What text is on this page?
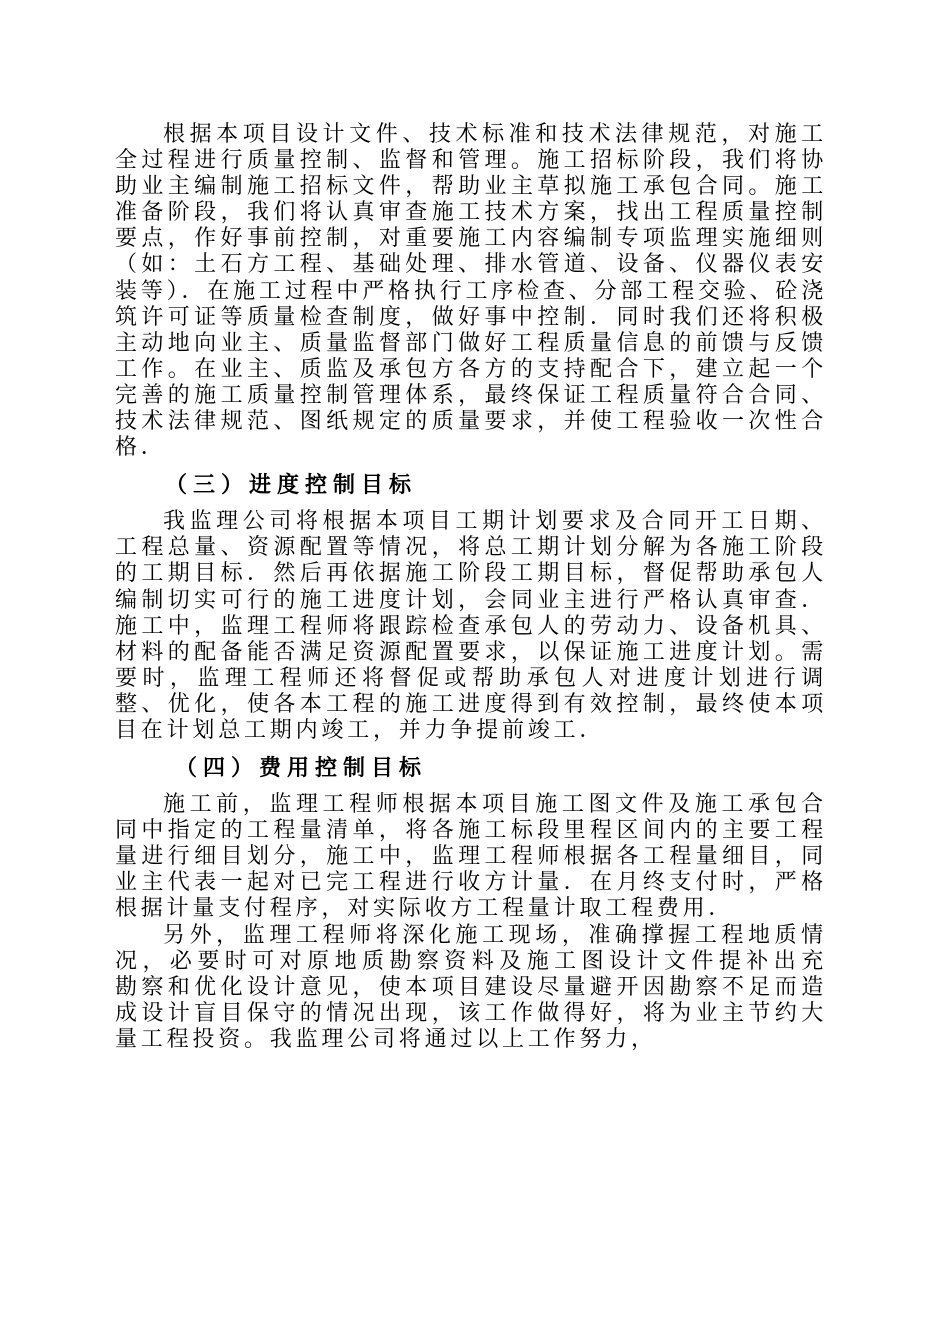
根据本项目设计文件、技术标准和技术法律规范，对施工全过程进行质量控制、监督和管理。施工招标阶段，我们将协助业主编制施工招标文件，帮助业主草拟施工承包合同。施工准备阶段，我们将认真审查施工技术方案，找出工程质量控制要点，作好事前控制，对重要施工内容编制专项监理实施细则（如：土石方工程、基础处理、排水管道、设备、仪器仪表安装等）．在施工过程中严格执行工序检查、分部工程交验、砼浇筑许可证等质量检查制度，做好事中控制．同时我们还将积极主动地向业主、质量监督部门做好工程质量信息的前馈与反馈工作。在业主、质监及承包方各方的支持配合下，建立起一个完善的施工质量控制管理体系，最终保证工程质量符合合同、技术法律规范、图纸规定的质量要求，并使工程验收一次性合格．

（三）进度控制目标

我监理公司将根据本项目工期计划要求及合同开工日期、工程总量、资源配置等情况，将总工期计划分解为各施工阶段的工期目标．然后再依据施工阶段工期目标，督促帮助承包人编制切实可行的施工进度计划，会同业主进行严格认真审查．施工中，监理工程师将跟踪检查承包人的劳动力、设备机具、材料的配备能否满足资源配置要求，以保证施工进度计划。需要时，监理工程师还将督促或帮助承包人对进度计划进行调整、优化，使各本工程的施工进度得到有效控制，最终使本项目在计划总工期内竣工，并力争提前竣工．

（四）费用控制目标

施工前，监理工程师根据本项目施工图文件及施工承包合同中指定的工程量清单，将各施工标段里程区间内的主要工程量进行细目划分，施工中，监理工程师根据各工程量细目，同业主代表一起对已完工程进行收方计量．在月终支付时，严格根据计量支付程序，对实际收方工程量计取工程费用．

另外，监理工程师将深化施工现场，准确撑握工程地质情况，必要时可对原地质勘察资料及施工图设计文件提补出充　勘察和优化设计意见，使本项目建设尽量避开因勘察不足而造成设计盲目保守的情况出现，该工作做得好，将为业主节约大量工程投资。我监理公司将通过以上工作努力，
